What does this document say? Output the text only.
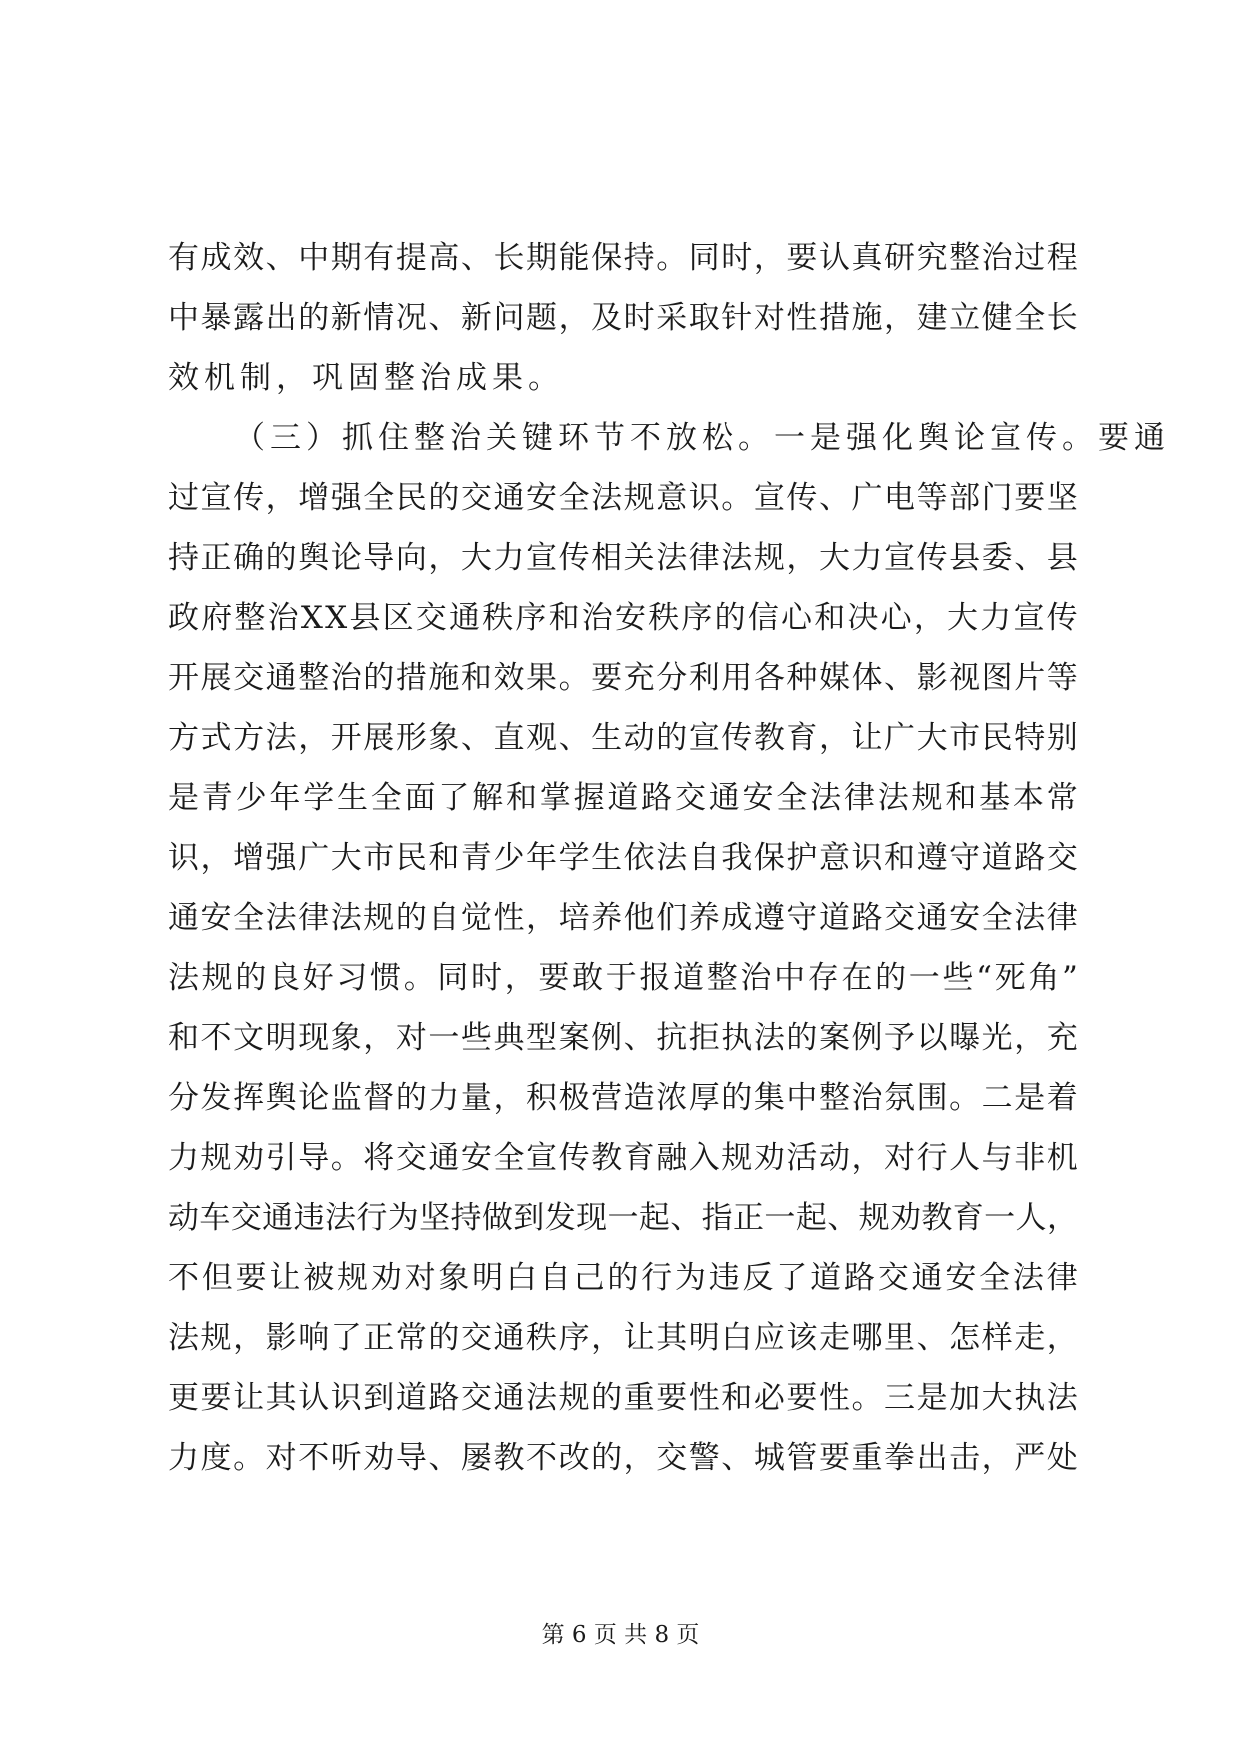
有 成 效 、 中 期 有 提 高 、 长 期 能 保 持 。 同 时 ， 要 认 真 研 究 整 治 过 程
中 暴 露 出 的 新 情 况 、 新 问 题 ， 及 时 采 取 针 对 性 措 施 ， 建 立 健 全 长
效机制，巩固整治成果。
（三）抓住整治关键环节不放松。一是强化舆论宣传。要通
过 宣 传 ， 增 强 全 民 的 交 通 安 全 法 规 意 识 。 宣 传 、 广 电 等 部 门 要 坚
持 正 确 的 舆 论 导 向 ， 大 力 宣 传 相 关 法 律 法 规 ， 大 力 宣 传 县 委 、 县
政 府 整 治 X X 县 区 交 通 秩 序 和 治 安 秩 序 的 信 心 和 决 心 ， 大 力 宣 传
开 展 交 通 整 治 的 措 施 和 效 果 。 要 充 分 利 用 各 种 媒 体 、 影 视 图 片 等
方 式 方 法 ， 开 展 形 象 、 直 观 、 生 动 的 宣 传 教 育 ， 让 广 大 市 民 特 别
是 青 少 年 学 生 全 面 了 解 和 掌 握 道 路 交 通 安 全 法 律 法 规 和 基 本 常
识 ， 增 强 广 大 市 民 和 青 少 年 学 生 依 法 自 我 保 护 意 识 和 遵 守 道 路 交
通 安 全 法 律 法 规 的 自 觉 性 ， 培 养 他 们 养 成 遵 守 道 路 交 通 安 全 法 律
法 规 的 良 好 习 惯 。 同 时 ， 要 敢 于 报 道 整 治 中 存 在 的 一 些 “ 死 角 ”
和 不 文 明 现 象 ， 对 一 些 典 型 案 例 、 抗 拒 执 法 的 案 例 予 以 曝 光 ， 充
分 发 挥 舆 论 监 督 的 力 量 ， 积 极 营 造 浓 厚 的 集 中 整 治 氛 围 。 二 是 着
力 规 劝 引 导 。 将 交 通 安 全 宣 传 教 育 融 入 规 劝 活 动 ， 对 行 人 与 非 机
动 车 交 通 违 法 行 为 坚 持 做 到 发 现 一 起 、 指 正 一 起 、 规 劝 教 育 一 人 ，
不 但 要 让 被 规 劝 对 象 明 白 自 己 的 行 为 违 反 了 道 路 交 通 安 全 法 律
法 规 ， 影 响 了 正 常 的 交 通 秩 序 ， 让 其 明 白 应 该 走 哪 里 、 怎 样 走 ，
更 要 让 其 认 识 到 道 路 交 通 法 规 的 重 要 性 和 必 要 性 。 三 是 加 大 执 法
力 度 。 对 不 听 劝 导 、 屡 教 不 改 的 ， 交 警 、 城 管 要 重 拳 出 击 ， 严 处
第 6 页 共 8 页
